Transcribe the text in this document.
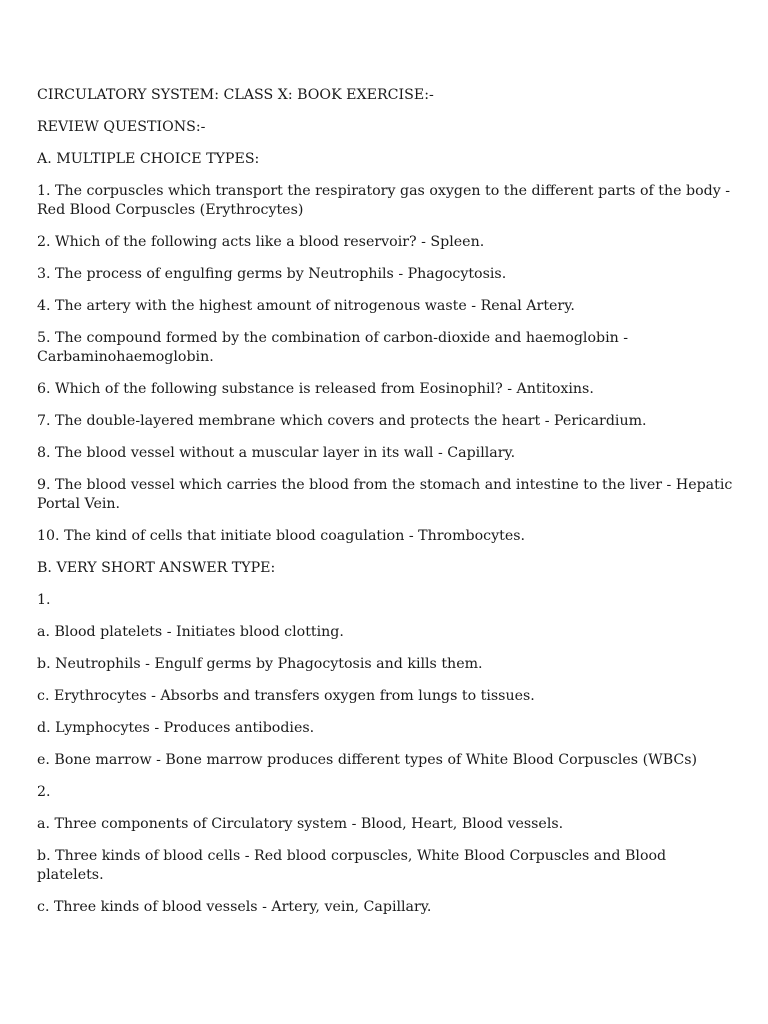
CIRCULATORY SYSTEM: CLASS X: BOOK EXERCISE:-

REVIEW QUESTIONS:-

A. MULTIPLE CHOICE TYPES:

1. The corpuscles which transport the respiratory gas oxygen to the different parts of the body - Red Blood Corpuscles (Erythrocytes)

2. Which of the following acts like a blood reservoir? - Spleen.

3. The process of engulfing germs by Neutrophils - Phagocytosis.

4. The artery with the highest amount of nitrogenous waste - Renal Artery.

5. The compound formed by the combination of carbon-dioxide and haemoglobin - Carbaminohaemoglobin.

6. Which of the following substance is released from Eosinophil? - Antitoxins.

7. The double-layered membrane which covers and protects the heart - Pericardium.

8. The blood vessel without a muscular layer in its wall - Capillary.

9. The blood vessel which carries the blood from the stomach and intestine to the liver - Hepatic Portal Vein.

10. The kind of cells that initiate blood coagulation - Thrombocytes.

B. VERY SHORT ANSWER TYPE:

1.

a. Blood platelets - Initiates blood clotting.

b. Neutrophils - Engulf germs by Phagocytosis and kills them.

c. Erythrocytes - Absorbs and transfers oxygen from lungs to tissues.

d. Lymphocytes - Produces antibodies.

e. Bone marrow - Bone marrow produces different types of White Blood Corpuscles (WBCs)

2.

a. Three components of Circulatory system - Blood, Heart, Blood vessels.

b. Three kinds of blood cells - Red blood corpuscles, White Blood Corpuscles and Blood platelets.

c. Three kinds of blood vessels - Artery, vein, Capillary.
